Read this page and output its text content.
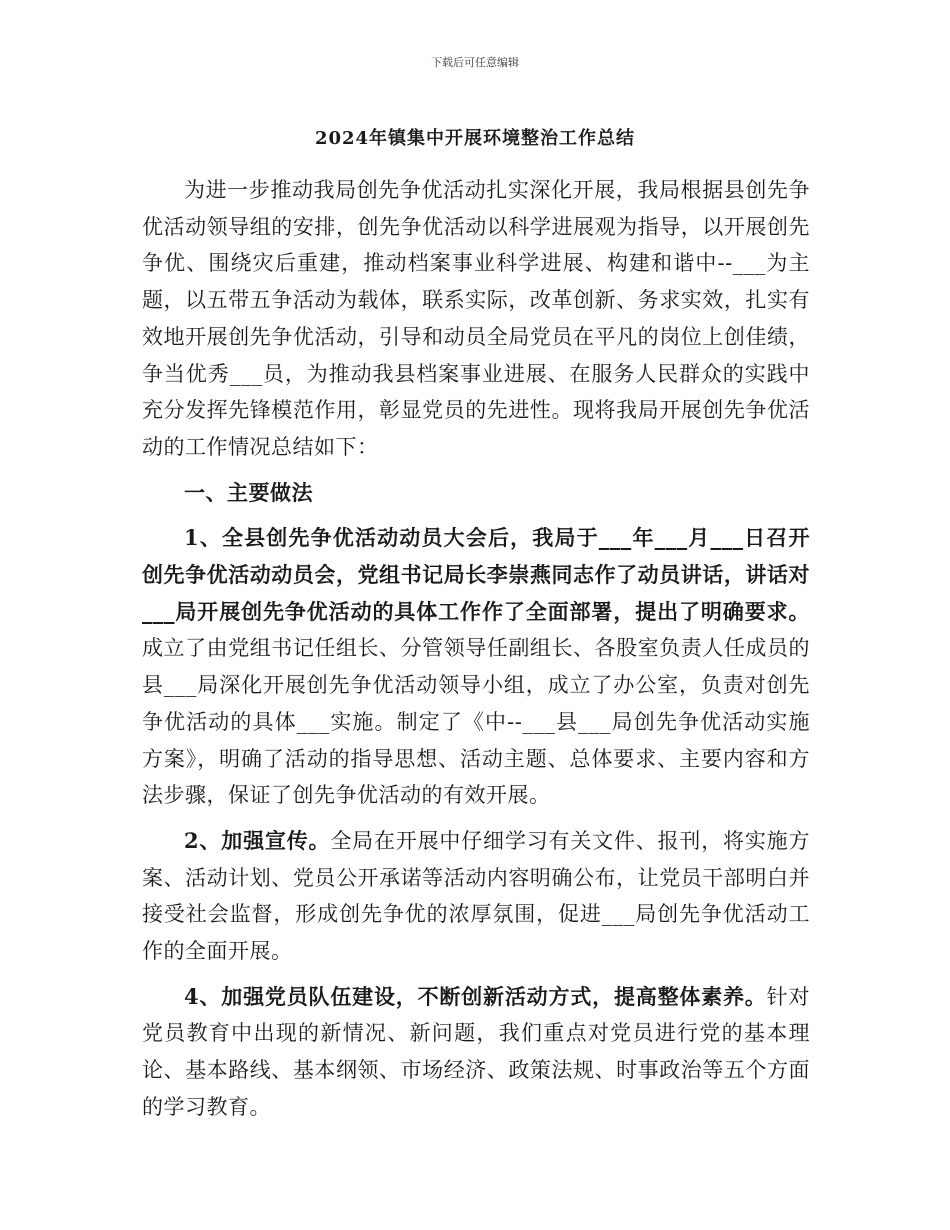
下载后可任意编辑
2024年镇集中开展环境整治工作总结

为进一步推动我局创先争优活动扎实深化开展，我局根据县创先争优活动领导组的安排，创先争优活动以科学进展观为指导，以开展创先争优、围绕灾后重建，推动档案事业科学进展、构建和谐中--___为主题，以五带五争活动为载体，联系实际，改革创新、务求实效，扎实有效地开展创先争优活动，引导和动员全局党员在平凡的岗位上创佳绩，争当优秀___员，为推动我县档案事业进展、在服务人民群众的实践中充分发挥先锋模范作用，彰显党员的先进性。现将我局开展创先争优活动的工作情况总结如下：

一、主要做法

1、全县创先争优活动动员大会后，我局于___年___月___日召开创先争优活动动员会，党组书记局长李崇燕同志作了动员讲话，讲话对___局开展创先争优活动的具体工作作了全面部署，提出了明确要求。成立了由党组书记任组长、分管领导任副组长、各股室负责人任成员的县___局深化开展创先争优活动领导小组，成立了办公室，负责对创先争优活动的具体___实施。制定了《中--___县___局创先争优活动实施方案》，明确了活动的指导思想、活动主题、总体要求、主要内容和方法步骤，保证了创先争优活动的有效开展。

2、加强宣传。全局在开展中仔细学习有关文件、报刊，将实施方案、活动计划、党员公开承诺等活动内容明确公布，让党员干部明白并接受社会监督，形成创先争优的浓厚氛围，促进___局创先争优活动工作的全面开展。

4、加强党员队伍建设，不断创新活动方式，提高整体素养。针对党员教育中出现的新情况、新问题，我们重点对党员进行党的基本理论、基本路线、基本纲领、市场经济、政策法规、时事政治等五个方面的学习教育。
